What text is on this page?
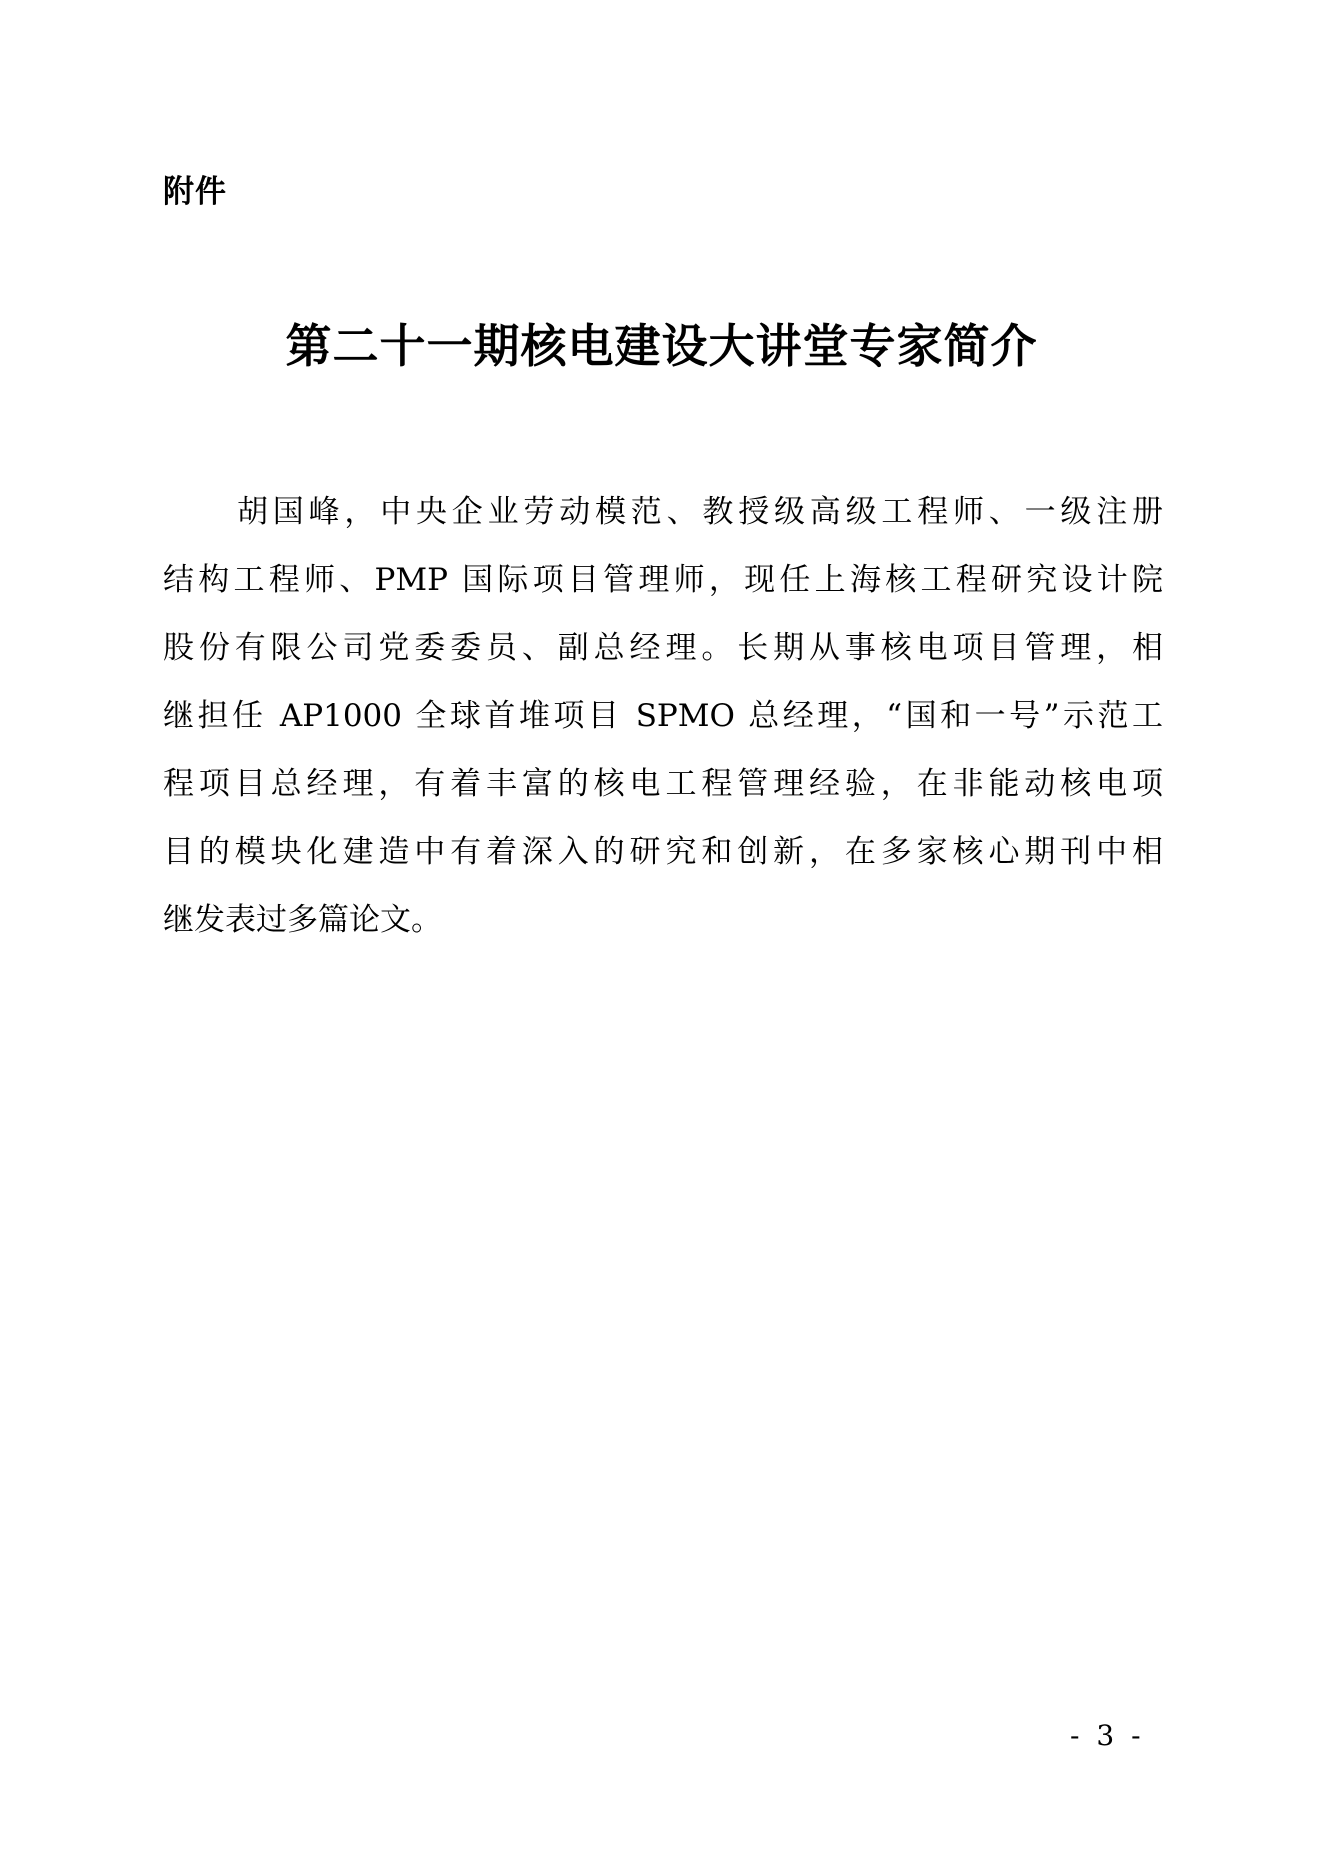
附件
第二十一期核电建设大讲堂专家简介
胡国峰，中央企业劳动模范、教授级高级工程师、一级注册
结构工程师、PMP 国际项目管理师，现任上海核工程研究设计院
股份有限公司党委委员、副总经理。长期从事核电项目管理，相
继担任 AP1000 全球首堆项目 SPMO 总经理，“国和一号”示范工
程项目总经理，有着丰富的核电工程管理经验，在非能动核电项
目的模块化建造中有着深入的研究和创新，在多家核心期刊中相
继发表过多篇论文。
- 3 -
